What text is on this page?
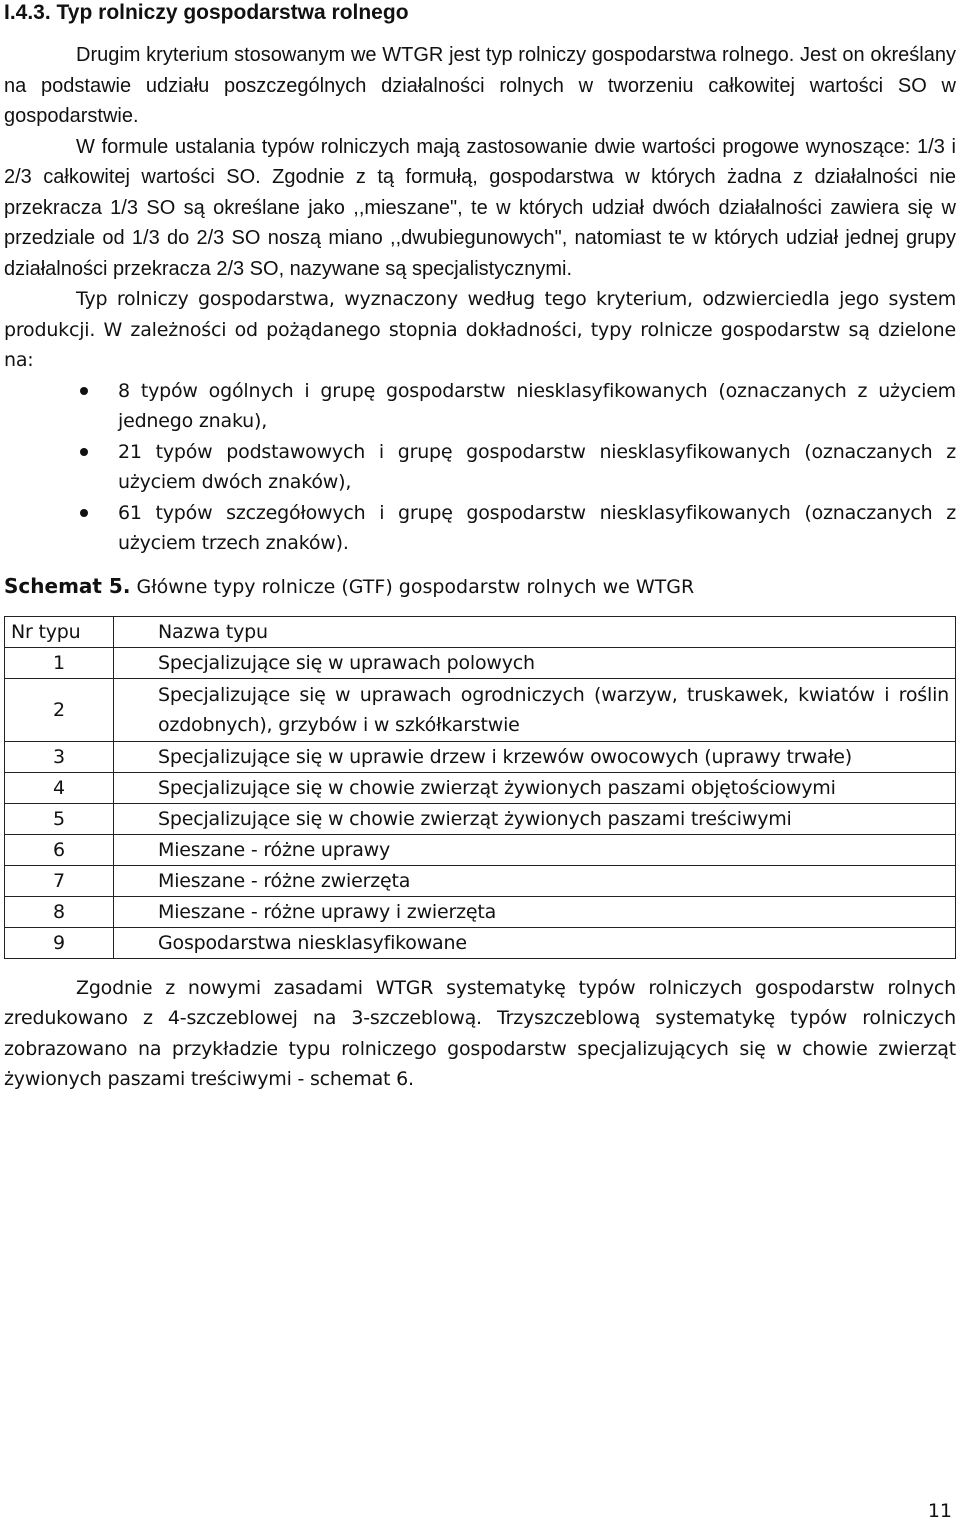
I.4.3. Typ rolniczy gospodarstwa rolnego

Drugim kryterium stosowanym we WTGR jest typ rolniczy gospodarstwa rolnego. Jest on określany na podstawie udziału poszczególnych działalności rolnych w tworzeniu całkowitej wartości SO w gospodarstwie.

W formule ustalania typów rolniczych mają zastosowanie dwie wartości progowe wynoszące: 1/3 i 2/3 całkowitej wartości SO. Zgodnie z tą formułą, gospodarstwa w których żadna z działalności nie przekracza 1/3 SO są określane jako ,,mieszane", te w których udział dwóch działalności zawiera się w przedziale od 1/3 do 2/3 SO noszą miano ,,dwubiegunowych", natomiast te w których udział jednej grupy działalności przekracza 2/3 SO, nazywane są specjalistycznymi.

Typ rolniczy gospodarstwa, wyznaczony według tego kryterium, odzwierciedla jego system produkcji. W zależności od pożądanego stopnia dokładności, typy rolnicze gospodarstw są dzielone na:

8 typów ogólnych i grupę gospodarstw niesklasyfikowanych (oznaczanych z użyciem jednego znaku),
21 typów podstawowych i grupę gospodarstw niesklasyfikowanych (oznaczanych z użyciem dwóch znaków),
61 typów szczegółowych i grupę gospodarstw niesklasyfikowanych (oznaczanych z użyciem trzech znaków).

Schemat 5. Główne typy rolnicze (GTF) gospodarstw rolnych we WTGR

Nr typu	Nazwa typu
1	Specjalizujące się w uprawach polowych
2	Specjalizujące się w uprawach ogrodniczych (warzyw, truskawek, kwiatów i roślin ozdobnych), grzybów i w szkółkarstwie
3	Specjalizujące się w uprawie drzew i krzewów owocowych (uprawy trwałe)
4	Specjalizujące się w chowie zwierząt żywionych paszami objętościowymi
5	Specjalizujące się w chowie zwierząt żywionych paszami treściwymi
6	Mieszane - różne uprawy
7	Mieszane - różne zwierzęta
8	Mieszane - różne uprawy i zwierzęta
9	Gospodarstwa niesklasyfikowane

Zgodnie z nowymi zasadami WTGR systematykę typów rolniczych gospodarstw rolnych zredukowano z 4-szczeblowej na 3-szczeblową. Trzyszczeblową systematykę typów rolniczych zobrazowano na przykładzie typu rolniczego gospodarstw specjalizujących się w chowie zwierząt żywionych paszami treściwymi - schemat 6.

11
